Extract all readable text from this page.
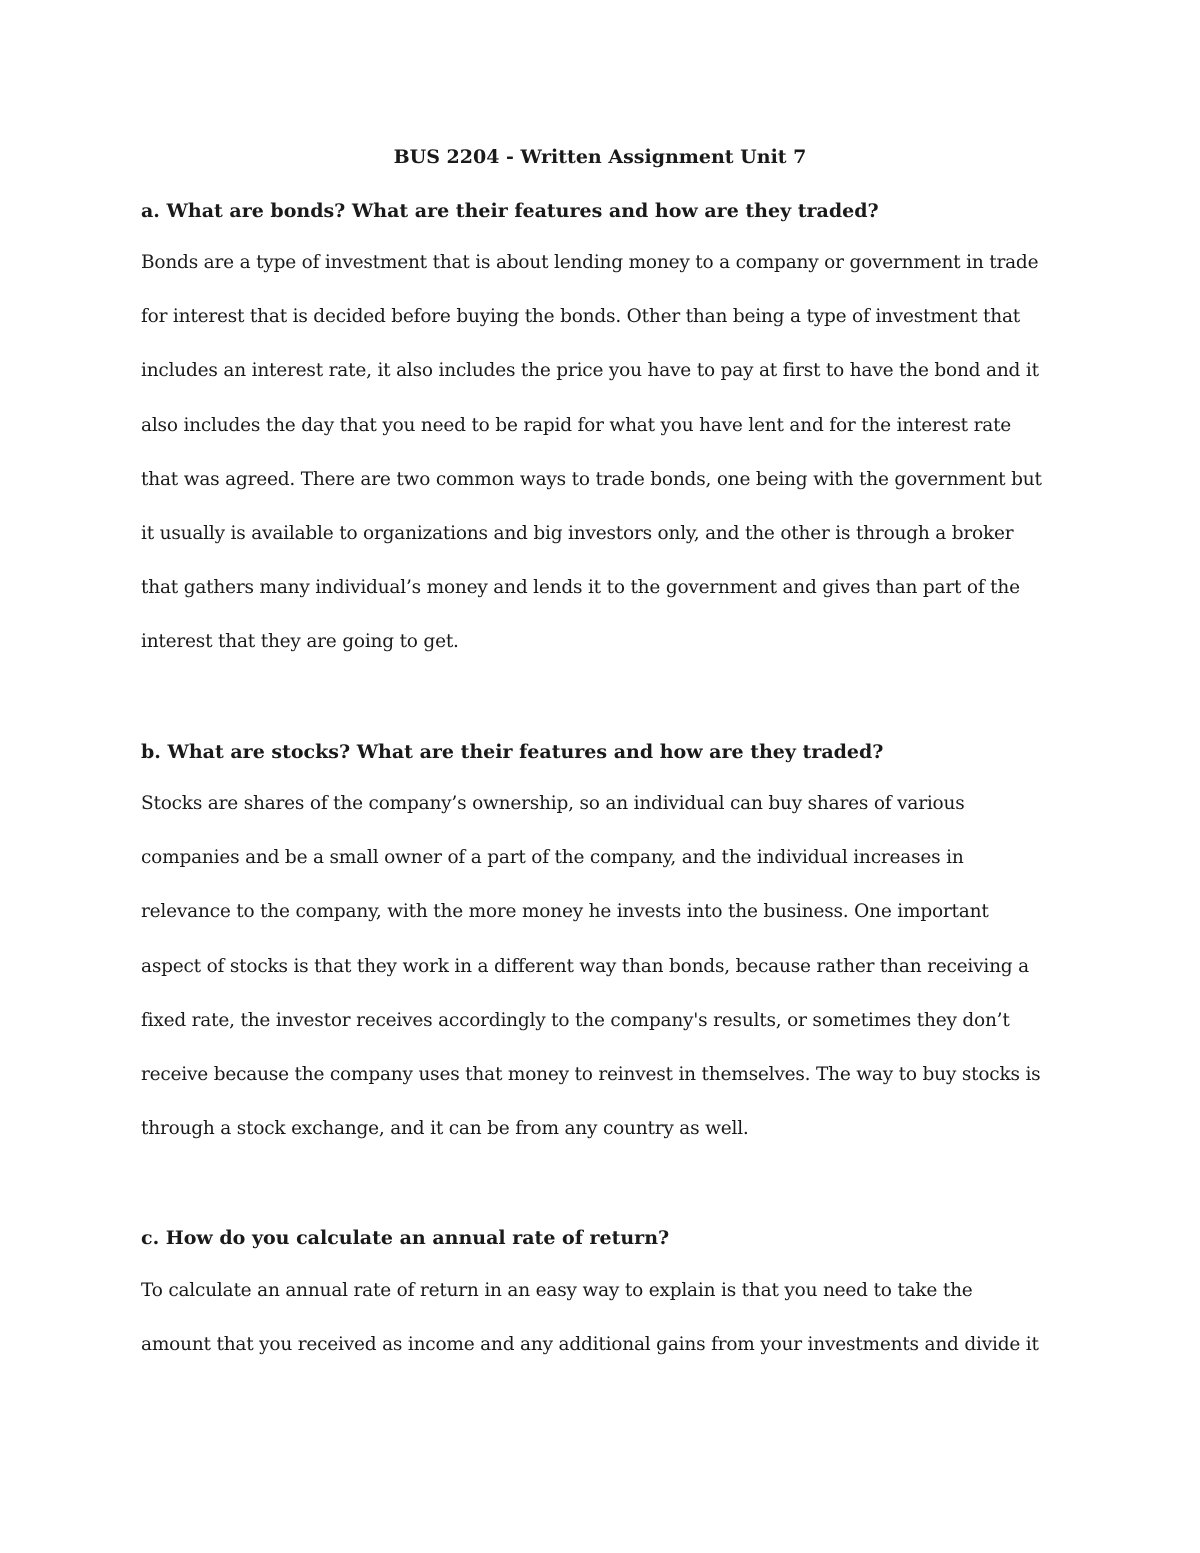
BUS 2204 - Written Assignment Unit 7
a. What are bonds? What are their features and how are they traded?

Bonds are a type of investment that is about lending money to a company or government in trade
for interest that is decided before buying the bonds. Other than being a type of investment that
includes an interest rate, it also includes the price you have to pay at first to have the bond and it
also includes the day that you need to be rapid for what you have lent and for the interest rate
that was agreed. There are two common ways to trade bonds, one being with the government but
it usually is available to organizations and big investors only, and the other is through a broker
that gathers many individual’s money and lends it to the government and gives than part of the
interest that they are going to get.

b. What are stocks? What are their features and how are they traded?

Stocks are shares of the company’s ownership, so an individual can buy shares of various
companies and be a small owner of a part of the company, and the individual increases in
relevance to the company, with the more money he invests into the business. One important
aspect of stocks is that they work in a different way than bonds, because rather than receiving a
fixed rate, the investor receives accordingly to the company's results, or sometimes they don’t
receive because the company uses that money to reinvest in themselves. The way to buy stocks is
through a stock exchange, and it can be from any country as well.

c. How do you calculate an annual rate of return?

To calculate an annual rate of return in an easy way to explain is that you need to take the
amount that you received as income and any additional gains from your investments and divide it
